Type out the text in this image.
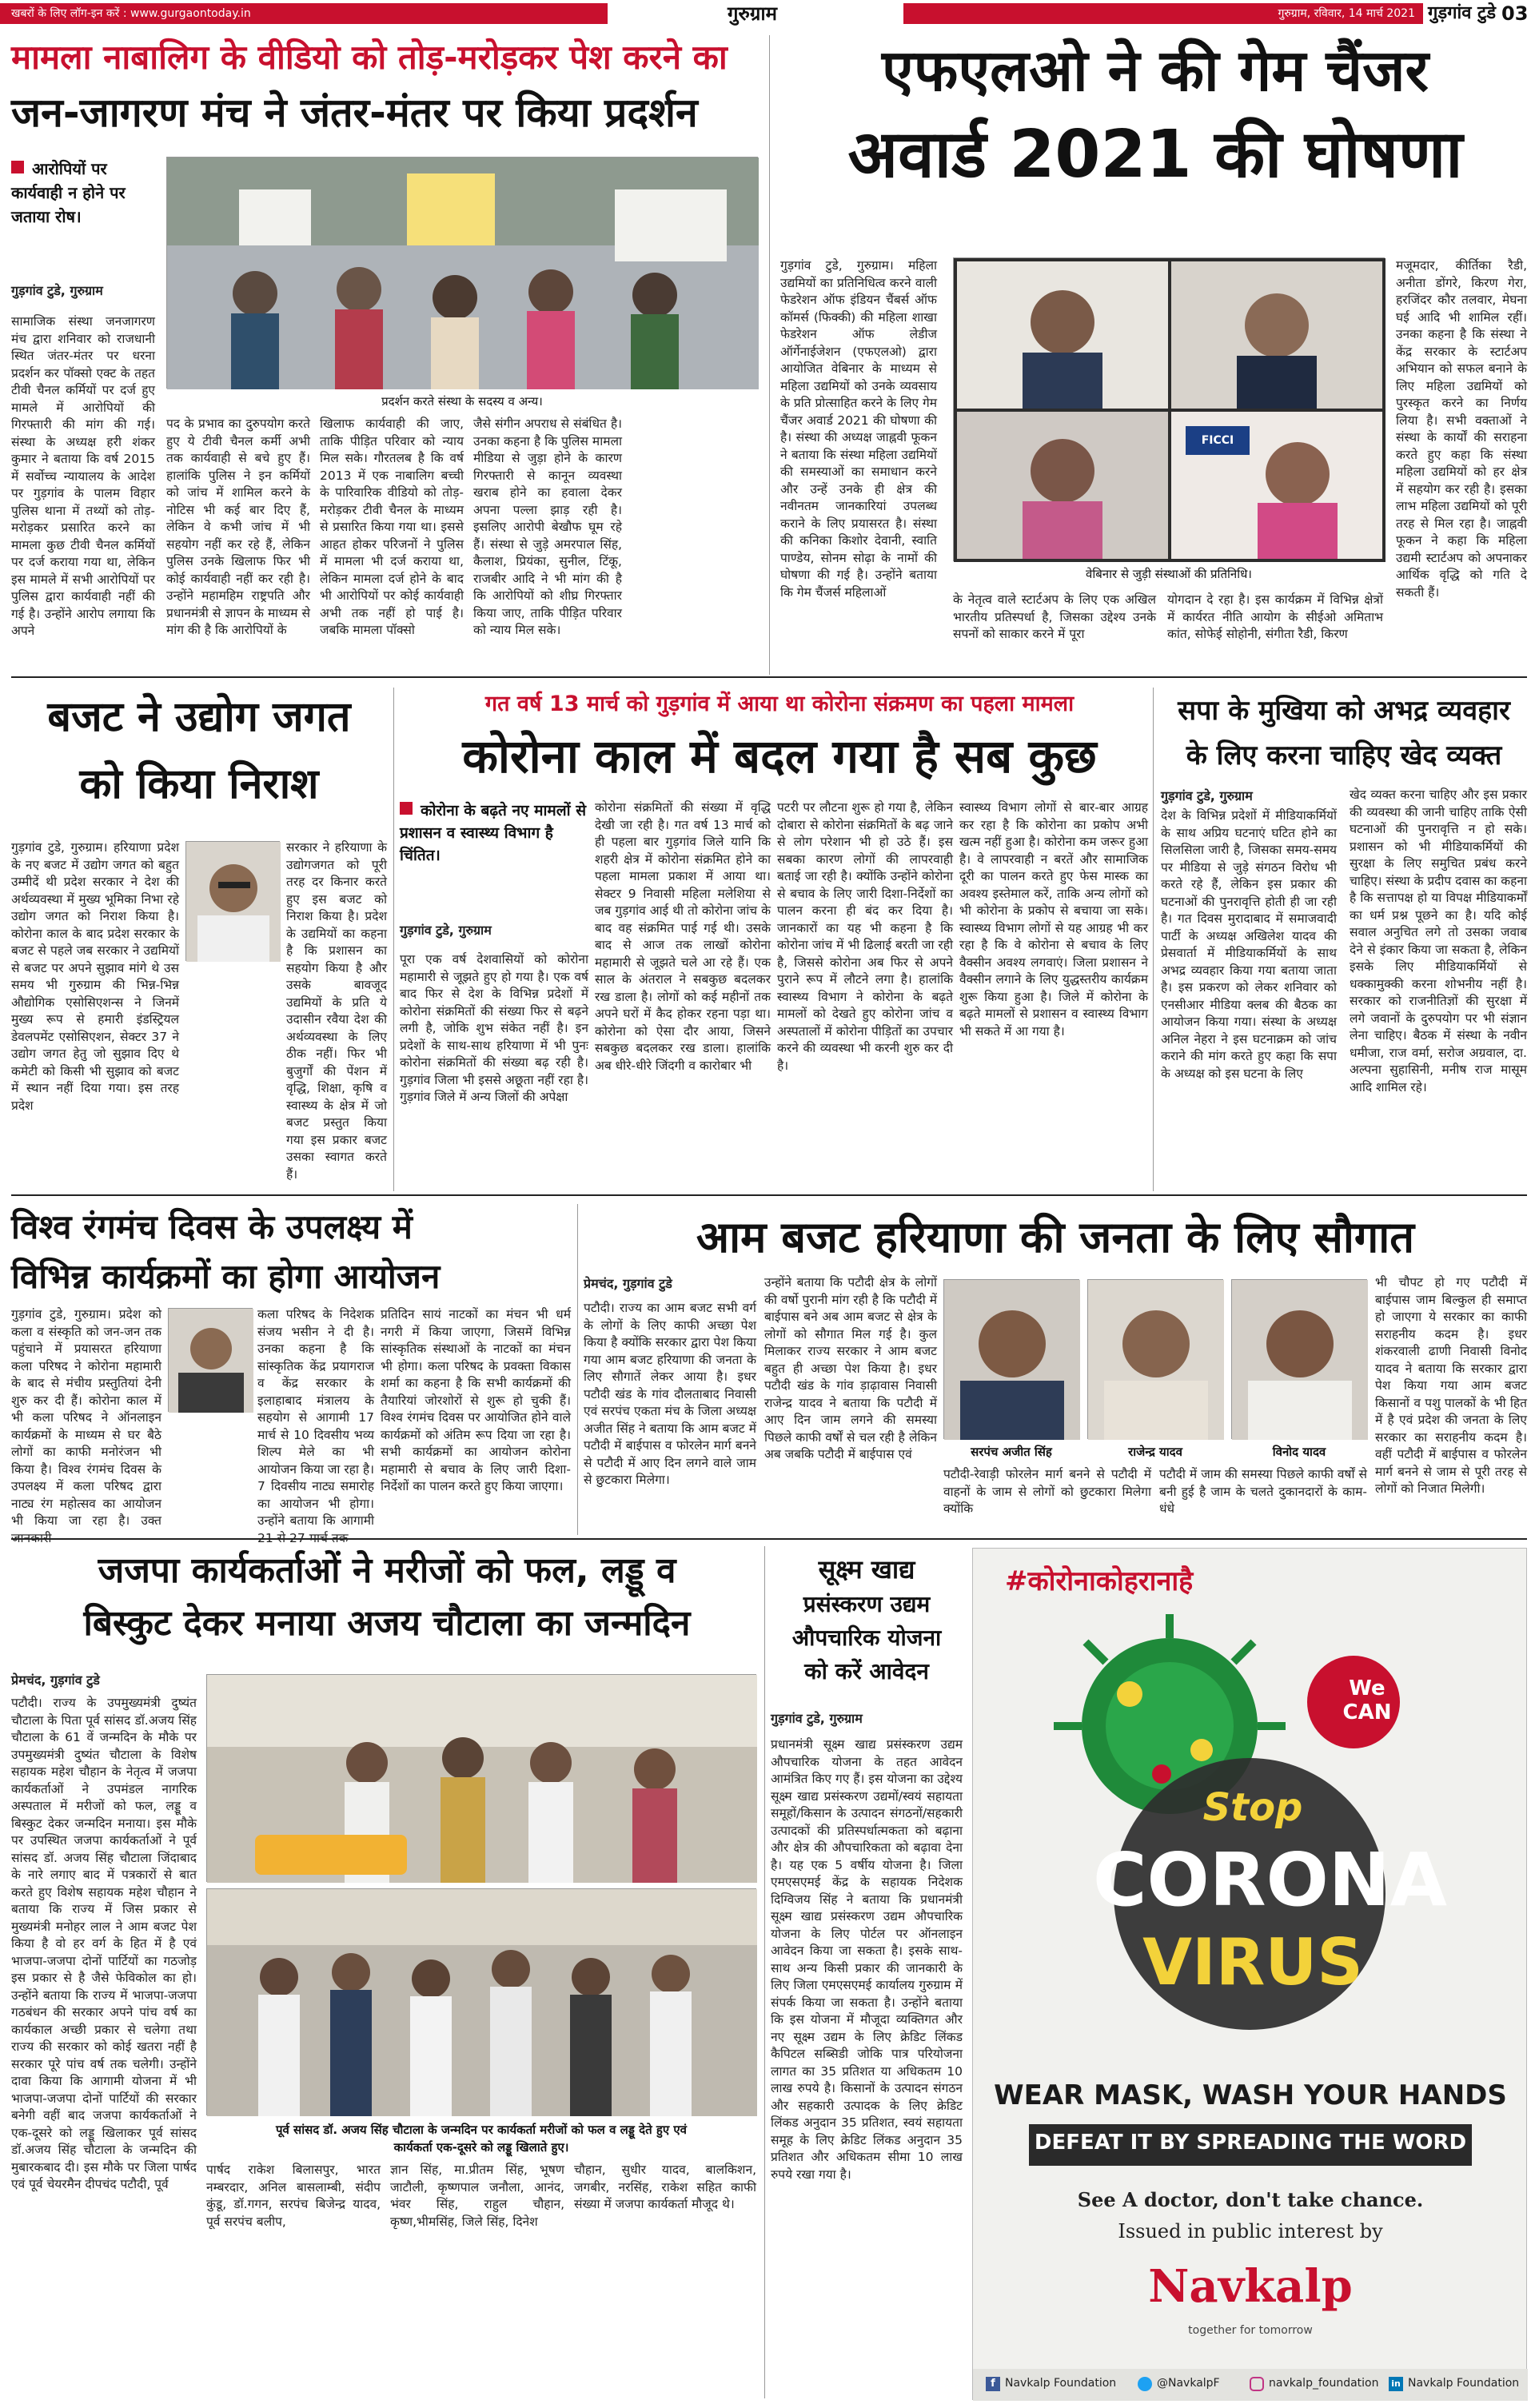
खबरों के लिए लॉग-इन करें : www.gurgaontoday.in	गुरुग्राम	गुरुग्राम, रविवार, 14 मार्च 2021 गुड़गांव टुडे 03
मामला नाबालिग के वीडियो को तोड़-मरोड़कर पेश करने का
जन-जागरण मंच ने जंतर-मंतर पर किया प्रदर्शन
आरोपियों पर कार्यवाही न होने पर जताया रोष।
गुड़गांव टुडे, गुरुग्राम
प्रदर्शन करते संस्था के सदस्य व अन्य।
सामाजिक संस्था जनजागरण मंच द्वारा शनिवार को राजधानी स्थित जंतर-मंतर पर धरना प्रदर्शन कर पॉक्सो एक्ट के तहत टीवी चैनल कर्मियों पर दर्ज हुए मामले में आरोपियों की गिरफ्तारी की मांग की गई। संस्था के अध्यक्ष हरी शंकर कुमार ने बताया कि वर्ष 2015 में सर्वोच्च न्यायालय के आदेश पर गुड़गांव के पालम विहार पुलिस थाना में तथ्यों को तोड़-मरोड़कर प्रसारित करने का मामला कुछ टीवी चैनल कर्मियों पर दर्ज कराया गया था, लेकिन इस मामले में सभी आरोपियों पर पुलिस द्वारा कार्यवाही नहीं की गई है। उन्होंने आरोप लगाया कि अपने
पद के प्रभाव का दुरुपयोग करते हुए ये टीवी चैनल कर्मी अभी तक कार्यवाही से बचे हुए हैं। हालांकि पुलिस ने इन कर्मियों को जांच में शामिल करने के नोटिस भी कई बार दिए हैं, लेकिन वे कभी जांच में भी सहयोग नहीं कर रहे हैं, लेकिन पुलिस उनके खिलाफ फिर भी कोई कार्यवाही नहीं कर रही है। उन्होंने महामहिम राष्ट्रपति और प्रधानमंत्री से ज्ञापन के माध्यम से मांग की है कि आरोपियों के
खिलाफ कार्यवाही की जाए, ताकि पीड़ित परिवार को न्याय मिल सके। गौरतलब है कि वर्ष 2013 में एक नाबालिग बच्ची के पारिवारिक वीडियो को तोड़-मरोड़कर टीवी चैनल के माध्यम से प्रसारित किया गया था। इससे आहत होकर परिजनों ने पुलिस में मामला भी दर्ज कराया था, लेकिन मामला दर्ज होने के बाद भी आरोपियों पर कोई कार्यवाही अभी तक नहीं हो पाई है। जबकि मामला पॉक्सो
जैसे संगीन अपराध से संबंधित है। उनका कहना है कि पुलिस मामला मीडिया से जुड़ा होने के कारण गिरफ्तारी से कानून व्यवस्था खराब होने का हवाला देकर अपना पल्ला झाड़ रही है। इसलिए आरोपी बेखौफ घूम रहे हैं। संस्था से जुड़े अमरपाल सिंह, कैलाश, प्रियंका, सुनील, टिंकू, राजबीर आदि ने भी मांग की है कि आरोपियों को शीघ्र गिरफ्तार किया जाए, ताकि पीड़ित परिवार को न्याय मिल सके।
एफएलओ ने की गेम चैंजर
अवार्ड 2021 की घोषणा
गुड़गांव टुडे, गुरुग्राम। महिला उद्यमियों का प्रतिनिधित्व करने वाली फेडरेशन ऑफ इंडियन चैंबर्स ऑफ कॉमर्स (फिक्की) की महिला शाखा फेडरेशन ऑफ लेडीज ऑर्गेनाईजेशन (एफएलओ) द्वारा आयोजित वेबिनार के माध्यम से महिला उद्यमियों को उनके व्यवसाय के प्रति प्रोत्साहित करने के लिए गेम चैंजर अवार्ड 2021 की घोषणा की है। संस्था की अध्यक्ष जाह्नवी फूकन ने बताया कि संस्था महिला उद्यमियों की समस्याओं का समाधान करने और उन्हें उनके ही क्षेत्र की नवीनतम जानकारियां उपलब्ध कराने के लिए प्रयासरत है। संस्था की कनिका किशोर देवानी, स्वाति पाण्डेय, सोनम सोढ़ा के नामों की घोषणा की गई है। उन्होंने बताया कि गेम चैंजर्स महिलाओं
FICCI
वेबिनार से जुड़ी संस्थाओं की प्रतिनिधि।
के नेतृत्व वाले स्टार्टअप के लिए एक अखिल भारतीय प्रतिस्पर्धा है, जिसका उद्देश्य उनके सपनों को साकार करने में पूरा
योगदान दे रहा है। इस कार्यक्रम में विभिन्न क्षेत्रों में कार्यरत नीति आयोग के सीईओ अमिताभ कांत, सोफेई सोहोनी, संगीता रैडी, किरण
मजूमदार, कीर्तिका रैडी, अनीता डोंगरे, किरण गेरा, हरजिंदर कौर तलवार, मेघना घई आदि भी शामिल रहीं। उनका कहना है कि संस्था ने केंद्र सरकार के स्टार्टअप अभियान को सफल बनाने के लिए महिला उद्यमियों को पुरस्कृत करने का निर्णय लिया है। सभी वक्ताओं ने संस्था के कार्यों की सराहना करते हुए कहा कि संस्था महिला उद्यमियों को हर क्षेत्र में सहयोग कर रही है। इसका लाभ महिला उद्यमियों को पूरी तरह से मिल रहा है। जाह्नवी फूकन ने कहा कि महिला उद्यमी स्टार्टअप को अपनाकर आर्थिक वृद्धि को गति दे सकती हैं।
बजट ने उद्योग जगत
को किया निराश
गुड़गांव टुडे, गुरुग्राम। हरियाणा प्रदेश के नए बजट में उद्योग जगत को बहुत उम्मीदें थी प्रदेश सरकार ने देश की अर्थव्यवस्था में मुख्य भूमिका निभा रहे उद्योग जगत को निराश किया है। कोरोना काल के बाद प्रदेश सरकार के बजट से पहले जब सरकार ने उद्यमियों से बजट पर अपने सुझाव मांगे थे उस समय भी गुरुग्राम की भिन्न-भिन्न औद्योगिक एसोसिएशन्स ने जिनमें मुख्य रूप से हमारी इंडस्ट्रियल डेवलपमेंट एसोसिएशन, सेक्टर 37 ने उद्योग जगत हेतु जो सुझाव दिए थे कमेटी को किसी भी सुझाव को बजट में स्थान नहीं दिया गया। इस तरह प्रदेश
सरकार ने हरियाणा के उद्योगजगत को पूरी तरह दर किनार करते हुए इस बजट को निराश किया है। प्रदेश के उद्यमियों का कहना है कि प्रशासन का सहयोग किया है और उसके बावजूद उद्यमियों के प्रति ये उदासीन रवैया देश की अर्थव्यवस्था के लिए ठीक नहीं। फिर भी बुजुर्गों की पेंशन में वृद्धि, शिक्षा, कृषि व स्वास्थ्य के क्षेत्र में जो बजट प्रस्तुत किया गया इस प्रकार बजट उसका स्वागत करते हैं।
गत वर्ष 13 मार्च को गुड़गांव में आया था कोरोना संक्रमण का पहला मामला
कोरोना काल में बदल गया है सब कुछ
कोरोना के बढ़ते नए मामलों से प्रशासन व स्वास्थ्य विभाग है चिंतित।
गुड़गांव टुडे, गुरुग्राम
पूरा एक वर्ष देशवासियों को कोरोना महामारी से जूझते हुए हो गया है। एक वर्ष बाद फिर से देश के विभिन्न प्रदेशों में कोरोना संक्रमितों की संख्या फिर से बढ़ने लगी है, जोकि शुभ संकेत नहीं है। इन प्रदेशों के साथ-साथ हरियाणा में भी पुनः कोरोना संक्रमितों की संख्या बढ़ रही है। गुड़गांव जिला भी इससे अछूता नहीं रहा है। गुड़गांव जिले में अन्य जिलों की अपेक्षा
कोरोना संक्रमितों की संख्या में वृद्धि देखी जा रही है। गत वर्ष 13 मार्च को ही पहला बार गुड़गांव जिले यानि कि शहरी क्षेत्र में कोरोना संक्रमित होने का पहला मामला प्रकाश में आया था। सेक्टर 9 निवासी महिला मलेशिया से जब गुड़गांव आई थी तो कोरोना जांच के बाद वह संक्रमित पाई गई थी। उसके बाद से आज तक लाखों कोरोना महामारी से जूझते चले आ रहे हैं। एक साल के अंतराल ने सबकुछ बदलकर रख डाला है। लोगों को कई महीनों तक अपने घरों में कैद होकर रहना पड़ा था। कोरोना को ऐसा दौर आया, जिसने सबकुछ बदलकर रख डाला। हालांकि अब धीरे-धीरे जिंदगी व कारोबार भी
पटरी पर लौटना शुरू हो गया है, लेकिन दोबारा से कोरोना संक्रमितों के बढ़ जाने से लोग परेशान भी हो उठे हैं। इस सबका कारण लोगों की लापरवाही बताई जा रही है। क्योंकि उन्होंने कोरोना से बचाव के लिए जारी दिशा-निर्देशों का पालन करना ही बंद कर दिया है। जानकारों का यह भी कहना है कि कोरोना जांच में भी ढिलाई बरती जा रही है, जिससे कोरोना अब फिर से अपने पुराने रूप में लौटने लगा है। हालांकि स्वास्थ्य विभाग ने कोरोना के बढ़ते मामलों को देखते हुए कोरोना जांच व अस्पतालों में कोरोना पीड़ितों का उपचार करने की व्यवस्था भी करनी शुरु कर दी है।
स्वास्थ्य विभाग लोगों से बार-बार आग्रह कर रहा है कि कोरोना का प्रकोप अभी खत्म नहीं हुआ है। कोरोना कम जरूर हुआ है। वे लापरवाही न बरतें और सामाजिक दूरी का पालन करते हुए फेस मास्क का अवश्य इस्तेमाल करें, ताकि अन्य लोगों को भी कोरोना के प्रकोप से बचाया जा सके। स्वास्थ्य विभाग लोगों से यह आग्रह भी कर रहा है कि वे कोरोना से बचाव के लिए वैक्सीन अवश्य लगवाएं। जिला प्रशासन ने वैक्सीन लगाने के लिए युद्धस्तरीय कार्यक्रम शुरू किया हुआ है। जिले में कोरोना के बढ़ते मामलों से प्रशासन व स्वास्थ्य विभाग भी सकते में आ गया है।
सपा के मुखिया को अभद्र व्यवहार
के लिए करना चाहिए खेद व्यक्त
गुड़गांव टुडे, गुरुग्राम
देश के विभिन्न प्रदेशों में मीडियाकर्मियों के साथ अप्रिय घटनाएं घटित होने का सिलसिला जारी है, जिसका समय-समय पर मीडिया से जुड़े संगठन विरोध भी करते रहे हैं, लेकिन इस प्रकार की घटनाओं की पुनरावृत्ति होती ही जा रही है। गत दिवस मुरादाबाद में समाजवादी पार्टी के अध्यक्ष अखिलेश यादव की प्रेसवार्ता में मीडियाकर्मियों के साथ अभद्र व्यवहार किया गया बताया जाता है। इस प्रकरण को लेकर शनिवार को एनसीआर मीडिया क्लब की बैठक का आयोजन किया गया। संस्था के अध्यक्ष अनिल नेहरा ने इस घटनाक्रम को जांच कराने की मांग करते हुए कहा कि सपा के अध्यक्ष को इस घटना के लिए
खेद व्यक्त करना चाहिए और इस प्रकार की व्यवस्था की जानी चाहिए ताकि ऐसी घटनाओं की पुनरावृत्ति न हो सके। प्रशासन को भी मीडियाकर्मियों की सुरक्षा के लिए समुचित प्रबंध करने चाहिए। संस्था के प्रदीप दवास का कहना है कि सत्तापक्ष हो या विपक्ष मीडियाकर्मों का धर्म प्रश्न पूछने का है। यदि कोई सवाल अनुचित लगे तो उसका जवाब देने से इंकार किया जा सकता है, लेकिन इसके लिए मीडियाकर्मियों से धक्कामुक्की करना शोभनीय नहीं है। सरकार को राजनीतिज्ञों की सुरक्षा में लगे जवानों के दुरुपयोग पर भी संज्ञान लेना चाहिए। बैठक में संस्था के नवीन धमीजा, राज वर्मा, सरोज अग्रवाल, दा. अल्पना सुहासिनी, मनीष राज मासूम आदि शामिल रहे।
विश्व रंगमंच दिवस के उपलक्ष्य में
विभिन्न कार्यक्रमों का होगा आयोजन
गुड़गांव टुडे, गुरुग्राम। प्रदेश को कला व संस्कृति को जन-जन तक पहुंचाने में प्रयासरत हरियाणा कला परिषद ने कोरोना महामारी के बाद से मंचीय प्रस्तुतियां देनी शुरु कर दी हैं। कोरोना काल में भी कला परिषद ने ऑनलाइन कार्यक्रमों के माध्यम से घर बैठे लोगों का काफी मनोरंजन भी किया है। विश्व रंगमंच दिवस के उपलक्ष्य में कला परिषद द्वारा नाट्य रंग महोत्सव का आयोजन भी किया जा रहा है। उक्त
कला परिषद के निदेशक संजय भसीन ने दी है। उनका कहना है कि सांस्कृतिक केंद्र प्रयागराज व केंद्र सरकार के इलाहाबाद मंत्रालय के सहयोग से आगामी 17 मार्च से 10 दिवसीय भव्य शिल्प मेले का भी आयोजन किया जा रहा है। 7 दिवसीय नाट्य समारोह का आयोजन भी होगा। उन्होंने बताया कि आगामी
प्रतिदिन सायं नाटकों का मंचन भी धर्म नगरी में किया जाएगा, जिसमें विभिन्न सांस्कृतिक संस्थाओं के नाटकों का मंचन भी होगा। कला परिषद के प्रवक्ता विकास शर्मा का कहना है कि सभी कार्यक्रमों की तैयारियां जोरशोरों से शुरू हो चुकी हैं। विश्व रंगमंच दिवस पर आयोजित होने वाले कार्यक्रमों को अंतिम रूप दिया जा रहा है। सभी कार्यक्रमों का आयोजन कोरोना महामारी से बचाव के लिए जारी दिशा-निर्देशों का पालन करते हुए किया जाएगा।
आम बजट हरियाणा की जनता के लिए सौगात
प्रेमचंद, गुड़गांव टुडे
पटौदी। राज्य का आम बजट सभी वर्ग के लोगों के लिए काफी अच्छा पेश किया है क्योंकि सरकार द्वारा पेश किया गया आम बजट हरियाणा की जनता के लिए सौगातें लेकर आया है। इधर पटौदी खंड के गांव दौलताबाद निवासी एवं सरपंच एकता मंच के जिला अध्यक्ष अजीत सिंह ने बताया कि आम बजट में पटौदी में बाईपास व फोरलेन मार्ग बनने से पटौदी में आए दिन लगने वाले जाम से छुटकारा मिलेगा।
उन्होंने बताया कि पटौदी क्षेत्र के लोगों की वर्षो पुरानी मांग रही है कि पटौदी में बाईपास बने अब आम बजट से क्षेत्र के लोगों को सौगात मिल गई है। कुल मिलाकर राज्य सरकार ने आम बजट बहुत ही अच्छा पेश किया है। इधर पटौदी खंड के गांव ड़ाढ़ावास निवासी राजेन्द्र यादव ने बताया कि पटौदी में आए दिन जाम लगने की समस्या पिछले काफी वर्षों से चल रही है लेकिन अब जबकि पटौदी में बाईपास एवं	सरपंच अजीत सिंह	राजेन्द्र यादव	विनोद यादव
पटौदी-रेवाड़ी फोरलेन मार्ग बनने से पटौदी में वाहनों के जाम से लोगों को छुटकारा मिलेगा क्योंकि
पटौदी में जाम की समस्या पिछले काफी वर्षों से बनी हुई है जाम के चलते दुकानदारों के काम-धंधे
भी चौपट हो गए पटौदी में बाईपास जाम बिल्कुल ही समाप्त हो जाएगा ये सरकार का काफी सराहनीय कदम है। इधर शंकरवाली ढाणी निवासी विनोद यादव ने बताया कि सरकार द्वारा पेश किया गया आम बजट किसानों व पशु पालकों के भी हित में है एवं प्रदेश की जनता के लिए सरकार का सराहनीय कदम है। वहीं पटौदी में बाईपास व फोरलेन मार्ग बनने से जाम से पूरी तरह से लोगों को निजात मिलेगी।
जजपा कार्यकर्ताओं ने मरीजों को फल, लड्डू व
बिस्कुट देकर मनाया अजय चौटाला का जन्मदिन
प्रेमचंद, गुड़गांव टुडे
पटौदी। राज्य के उपमुख्यमंत्री दुष्यंत चौटाला के पिता पूर्व सांसद डॉ.अजय सिंह चौटाला के 61 वें जन्मदिन के मौके पर उपमुख्यमंत्री दुष्यंत चौटाला के विशेष सहायक महेश चौहान के नेतृत्व में जजपा कार्यकर्ताओं ने उपमंडल नागरिक अस्पताल में मरीजों को फल, लड्डू व बिस्कुट देकर जन्मदिन मनाया। इस मौके पर उपस्थित जजपा कार्यकर्ताओं ने पूर्व सांसद डॉ. अजय सिंह चौटाला जिंदाबाद के नारे लगाए बाद में पत्रकारों से बात करते हुए विशेष सहायक महेश चौहान ने बताया कि राज्य में जिस प्रकार से मुख्यमंत्री मनोहर लाल ने आम बजट पेश किया है वो हर वर्ग के हित में है एवं भाजपा-जजपा दोनों पार्टियों का गठजोड़ इस प्रकार से है जैसे फेविकोल का हो। उन्होंने बताया कि राज्य में भाजपा-जजपा गठबंधन की सरकार अपने पांच वर्ष का कार्यकाल अच्छी प्रकार से चलेगा तथा राज्य की सरकार को कोई खतरा नहीं है सरकार पूरे पांच वर्ष तक चलेगी। उन्होंने दावा किया कि आगामी योजना में भी भाजपा-जजपा दोनों पार्टियों की सरकार बनेगी वहीं बाद जजपा कार्यकर्ताओं ने एक-दूसरे को लड्डू खिलाकर पूर्व सांसद डॉ.अजय सिंह चौटाला के जन्मदिन की मुबारकबाद दी। इस मौके पर जिला पार्षद एवं पूर्व चेयरमैन दीपचंद पटौदी, पूर्व
पूर्व सांसद डॉ. अजय सिंह चौटाला के जन्मदिन पर कार्यकर्ता मरीजों को फल व लड्डू देते हुए एवं
कार्यकर्ता एक-दूसरे को लड्डू खिलाते हुए।
पार्षद राकेश बिलासपुर, भारत नम्बरदार, अनिल बासलाम्बी, संदीप कुंडू, डॉ.गगन, सरपंच बिजेन्द्र यादव, पूर्व सरपंच बलीप,
ज्ञान सिंह, मा.प्रीतम सिंह, भूषण जाटौली, कृष्णपाल जनौला, आनंद, भंवर सिंह, राहुल चौहान, कृष्ण,भीमसिंह, जिले सिंह, दिनेश
चौहान, सुधीर यादव, बालकिशन, जगबीर, नरसिंह, राकेश सहित काफी संख्या में जजपा कार्यकर्ता मौजूद थे।
सूक्ष्म खाद्य
प्रसंस्करण उद्यम
औपचारिक योजना
को करें आवेदन
गुड़गांव टुडे, गुरुग्राम
प्रधानमंत्री सूक्ष्म खाद्य प्रसंस्करण उद्यम औपचारिक योजना के तहत आवेदन आमंत्रित किए गए हैं। इस योजना का उद्देश्य सूक्ष्म खाद्य प्रसंस्करण उद्यमों/स्वयं सहायता समूहों/किसान के उत्पादन संगठनों/सहकारी उत्पादकों की प्रतिस्पर्धात्मकता को बढ़ाना और क्षेत्र की औपचारिकता को बढ़ावा देना है। यह एक 5 वर्षीय योजना है। जिला एमएसएमई केंद्र के सहायक निदेशक दिग्विजय सिंह ने बताया कि प्रधानमंत्री सूक्ष्म खाद्य प्रसंस्करण उद्यम औपचारिक योजना के लिए पोर्टल पर ऑनलाइन आवेदन किया जा सकता है। इसके साथ-साथ अन्य किसी प्रकार की जानकारी के लिए जिला एमएसएमई कार्यालय गुरुग्राम में संपर्क किया जा सकता है। उन्होंने बताया कि इस योजना में मौजूदा व्यक्तिगत और नए सूक्ष्म उद्यम के लिए क्रेडिट लिंकड कैपिटल सब्सिडी जोकि पात्र परियोजना लागत का 35 प्रतिशत या अधिकतम 10 लाख रुपये है। किसानों के उत्पादन संगठन और सहकारी उत्पादक के लिए क्रेडिट लिंकड अनुदान 35 प्रतिशत, स्वयं सहायता समूह के लिए क्रेडिट लिंकड अनुदान 35 प्रतिशत और अधिकतम सीमा 10 लाख रुपये रखा गया है।
#कोरोनाकोहरानाहै
We CAN
Stop
CORONA
VIRUS
WEAR MASK, WASH YOUR HANDS
DEFEAT IT BY SPREADING THE WORD
See A doctor, don't take chance.
Issued in public interest by
Navkalp
together for tomorrow
f Navkalp Foundation	@NavkalpF	navkalp_foundation in Navkalp Foundation
